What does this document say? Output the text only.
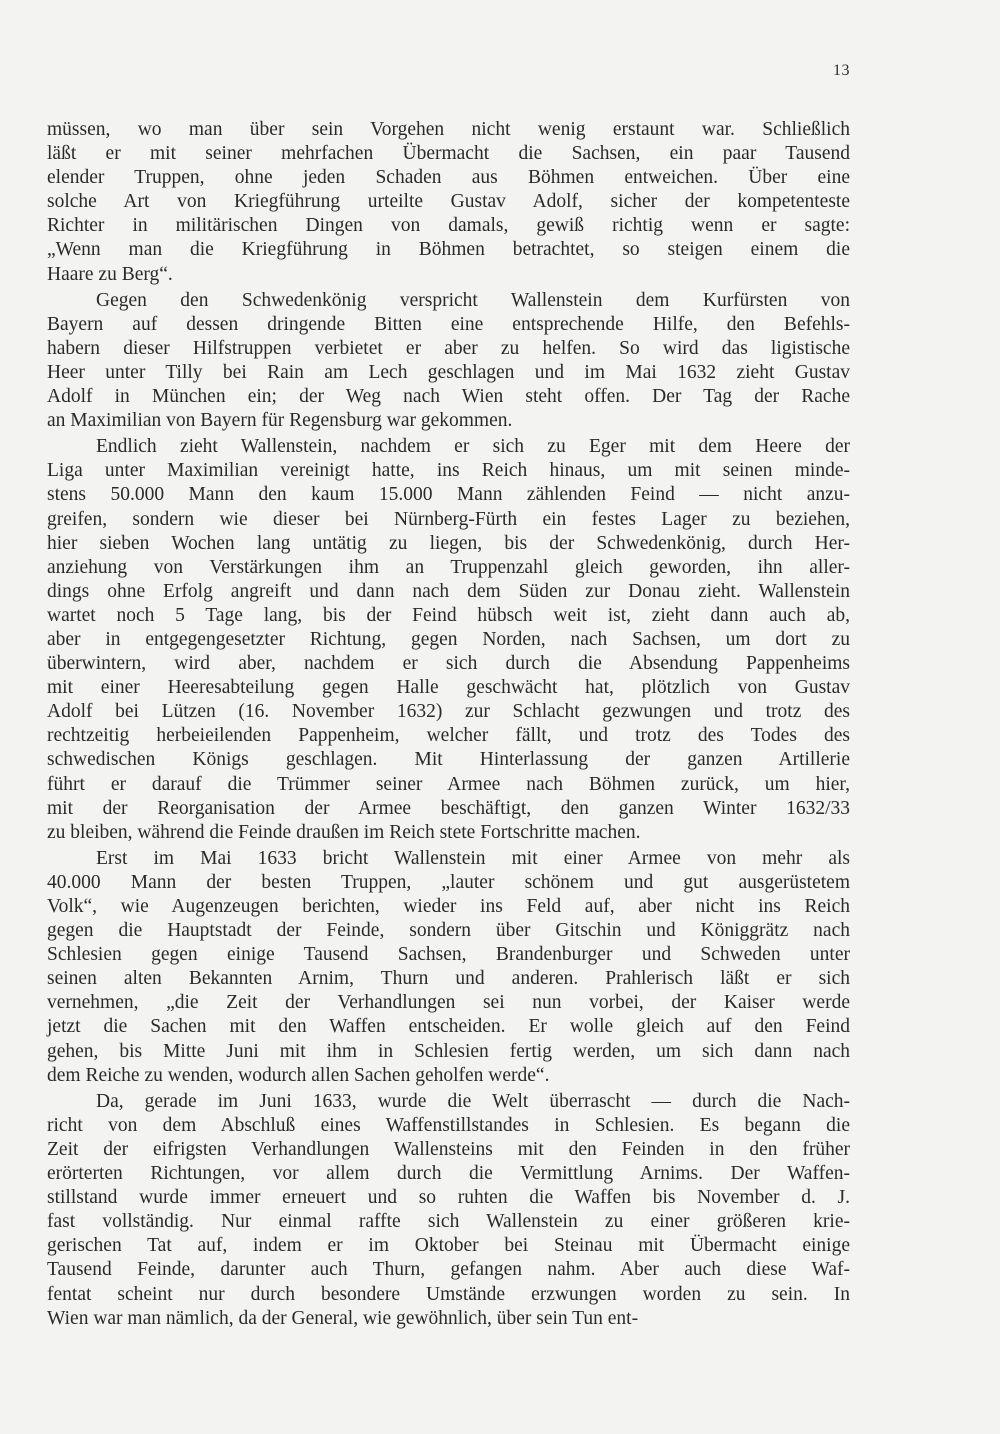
13
müssen, wo man über sein Vorgehen nicht wenig erstaunt war. Schließlich
läßt er mit seiner mehrfachen Übermacht die Sachsen, ein paar Tausend
elender Truppen, ohne jeden Schaden aus Böhmen entweichen. Über eine
solche Art von Kriegführung urteilte Gustav Adolf, sicher der kompetenteste
Richter in militärischen Dingen von damals, gewiß richtig wenn er sagte:
„Wenn man die Kriegführung in Böhmen betrachtet, so steigen einem die
Haare zu Berg“.
Gegen den Schwedenkönig verspricht Wallenstein dem Kurfürsten von
Bayern auf dessen dringende Bitten eine entsprechende Hilfe, den Befehls-
habern dieser Hilfstruppen verbietet er aber zu helfen. So wird das ligistische
Heer unter Tilly bei Rain am Lech geschlagen und im Mai 1632 zieht Gustav
Adolf in München ein; der Weg nach Wien steht offen. Der Tag der Rache
an Maximilian von Bayern für Regensburg war gekommen.
Endlich zieht Wallenstein, nachdem er sich zu Eger mit dem Heere der
Liga unter Maximilian vereinigt hatte, ins Reich hinaus, um mit seinen minde-
stens 50.000 Mann den kaum 15.000 Mann zählenden Feind — nicht anzu-
greifen, sondern wie dieser bei Nürnberg-Fürth ein festes Lager zu beziehen,
hier sieben Wochen lang untätig zu liegen, bis der Schwedenkönig, durch Her-
anziehung von Verstärkungen ihm an Truppenzahl gleich geworden, ihn aller-
dings ohne Erfolg angreift und dann nach dem Süden zur Donau zieht. Wallenstein
wartet noch 5 Tage lang, bis der Feind hübsch weit ist, zieht dann auch ab,
aber in entgegengesetzter Richtung, gegen Norden, nach Sachsen, um dort zu
überwintern, wird aber, nachdem er sich durch die Absendung Pappenheims
mit einer Heeresabteilung gegen Halle geschwächt hat, plötzlich von Gustav
Adolf bei Lützen (16. November 1632) zur Schlacht gezwungen und trotz des
rechtzeitig herbeieilenden Pappenheim, welcher fällt, und trotz des Todes des
schwedischen Königs geschlagen. Mit Hinterlassung der ganzen Artillerie
führt er darauf die Trümmer seiner Armee nach Böhmen zurück, um hier,
mit der Reorganisation der Armee beschäftigt, den ganzen Winter 1632/33
zu bleiben, während die Feinde draußen im Reich stete Fortschritte machen.
Erst im Mai 1633 bricht Wallenstein mit einer Armee von mehr als
40.000 Mann der besten Truppen, „lauter schönem und gut ausgerüstetem
Volk“, wie Augenzeugen berichten, wieder ins Feld auf, aber nicht ins Reich
gegen die Hauptstadt der Feinde, sondern über Gitschin und Königgrätz nach
Schlesien gegen einige Tausend Sachsen, Brandenburger und Schweden unter
seinen alten Bekannten Arnim, Thurn und anderen. Prahlerisch läßt er sich
vernehmen, „die Zeit der Verhandlungen sei nun vorbei, der Kaiser werde
jetzt die Sachen mit den Waffen entscheiden. Er wolle gleich auf den Feind
gehen, bis Mitte Juni mit ihm in Schlesien fertig werden, um sich dann nach
dem Reiche zu wenden, wodurch allen Sachen geholfen werde“.
Da, gerade im Juni 1633, wurde die Welt überrascht — durch die Nach-
richt von dem Abschluß eines Waffenstillstandes in Schlesien. Es begann die
Zeit der eifrigsten Verhandlungen Wallensteins mit den Feinden in den früher
erörterten Richtungen, vor allem durch die Vermittlung Arnims. Der Waffen-
stillstand wurde immer erneuert und so ruhten die Waffen bis November d. J.
fast vollständig. Nur einmal raffte sich Wallenstein zu einer größeren krie-
gerischen Tat auf, indem er im Oktober bei Steinau mit Übermacht einige
Tausend Feinde, darunter auch Thurn, gefangen nahm. Aber auch diese Waf-
fentat scheint nur durch besondere Umstände erzwungen worden zu sein. In
Wien war man nämlich, da der General, wie gewöhnlich, über sein Tun ent-
